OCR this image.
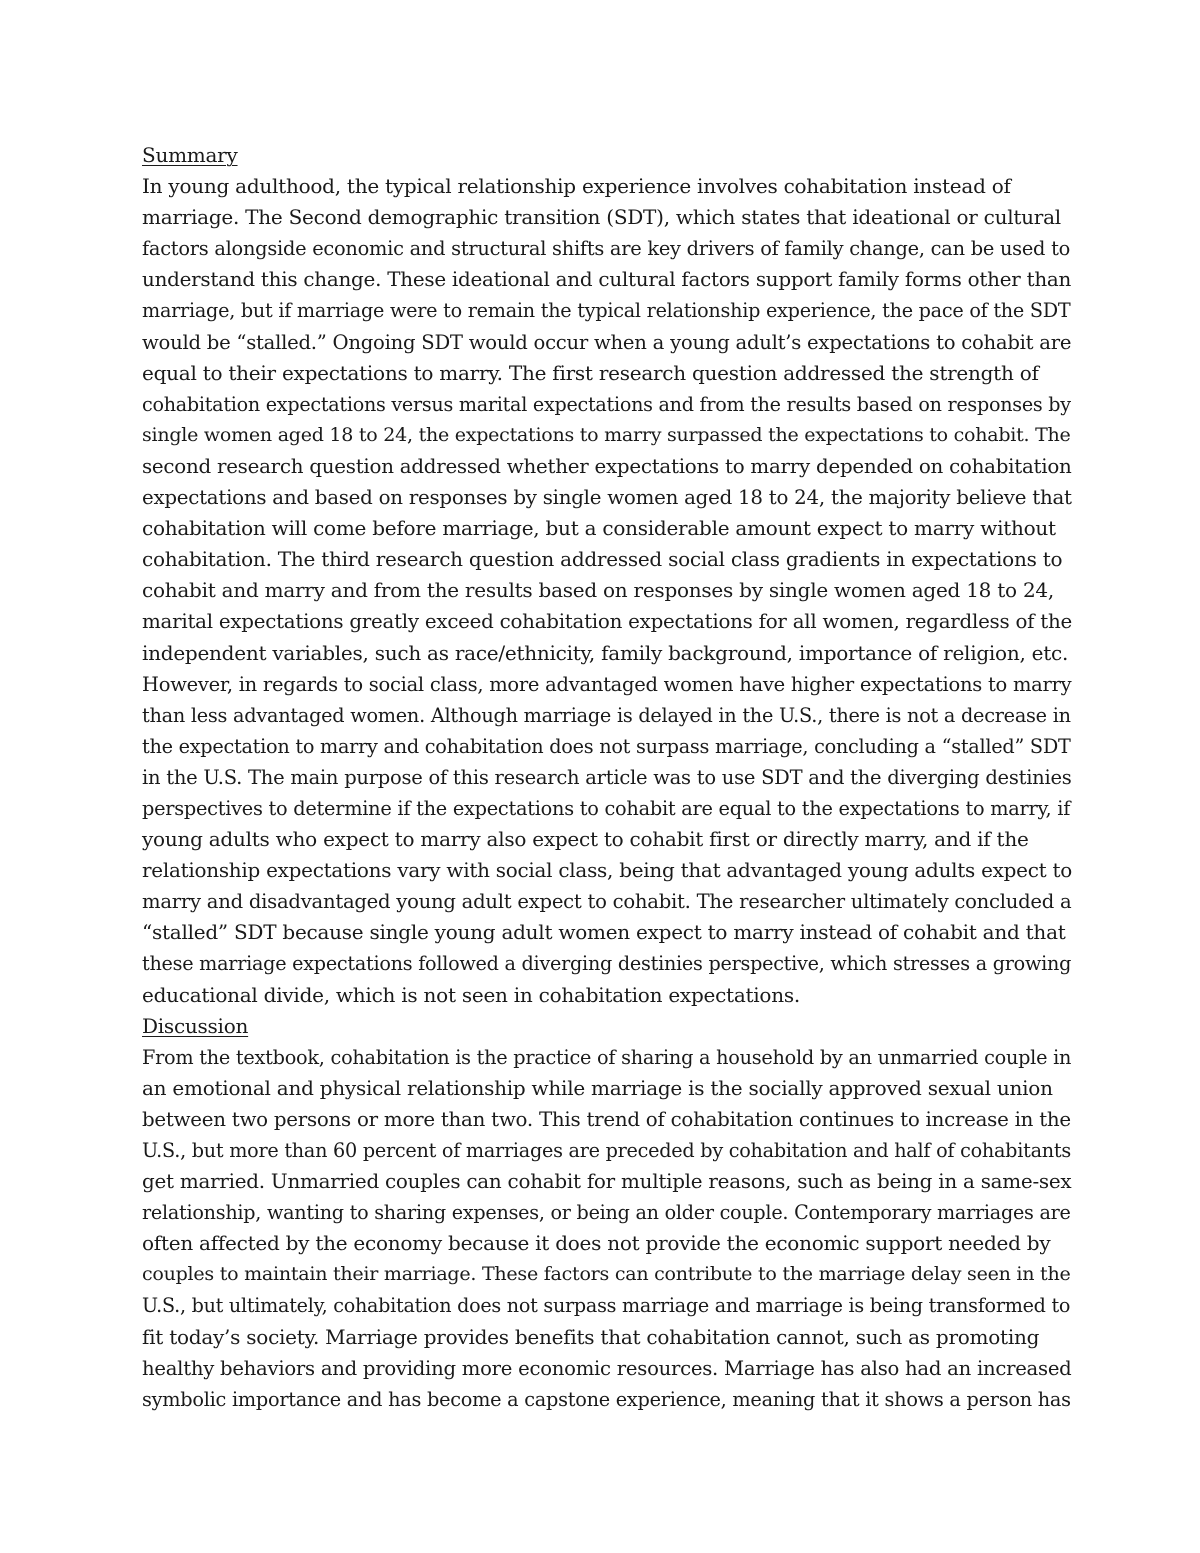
Summary
In young adulthood, the typical relationship experience involves cohabitation instead of
marriage. The Second demographic transition (SDT), which states that ideational or cultural
factors alongside economic and structural shifts are key drivers of family change, can be used to
understand this change. These ideational and cultural factors support family forms other than
marriage, but if marriage were to remain the typical relationship experience, the pace of the SDT
would be “stalled.” Ongoing SDT would occur when a young adult’s expectations to cohabit are
equal to their expectations to marry. The first research question addressed the strength of
cohabitation expectations versus marital expectations and from the results based on responses by
single women aged 18 to 24, the expectations to marry surpassed the expectations to cohabit. The
second research question addressed whether expectations to marry depended on cohabitation
expectations and based on responses by single women aged 18 to 24, the majority believe that
cohabitation will come before marriage, but a considerable amount expect to marry without
cohabitation. The third research question addressed social class gradients in expectations to
cohabit and marry and from the results based on responses by single women aged 18 to 24,
marital expectations greatly exceed cohabitation expectations for all women, regardless of the
independent variables, such as race/ethnicity, family background, importance of religion, etc.
However, in regards to social class, more advantaged women have higher expectations to marry
than less advantaged women. Although marriage is delayed in the U.S., there is not a decrease in
the expectation to marry and cohabitation does not surpass marriage, concluding a “stalled” SDT
in the U.S. The main purpose of this research article was to use SDT and the diverging destinies
perspectives to determine if the expectations to cohabit are equal to the expectations to marry, if
young adults who expect to marry also expect to cohabit first or directly marry, and if the
relationship expectations vary with social class, being that advantaged young adults expect to
marry and disadvantaged young adult expect to cohabit. The researcher ultimately concluded a
“stalled” SDT because single young adult women expect to marry instead of cohabit and that
these marriage expectations followed a diverging destinies perspective, which stresses a growing
educational divide, which is not seen in cohabitation expectations.
Discussion
From the textbook, cohabitation is the practice of sharing a household by an unmarried couple in
an emotional and physical relationship while marriage is the socially approved sexual union
between two persons or more than two. This trend of cohabitation continues to increase in the
U.S., but more than 60 percent of marriages are preceded by cohabitation and half of cohabitants
get married. Unmarried couples can cohabit for multiple reasons, such as being in a same-sex
relationship, wanting to sharing expenses, or being an older couple. Contemporary marriages are
often affected by the economy because it does not provide the economic support needed by
couples to maintain their marriage. These factors can contribute to the marriage delay seen in the
U.S., but ultimately, cohabitation does not surpass marriage and marriage is being transformed to
fit today’s society. Marriage provides benefits that cohabitation cannot, such as promoting
healthy behaviors and providing more economic resources. Marriage has also had an increased
symbolic importance and has become a capstone experience, meaning that it shows a person has
